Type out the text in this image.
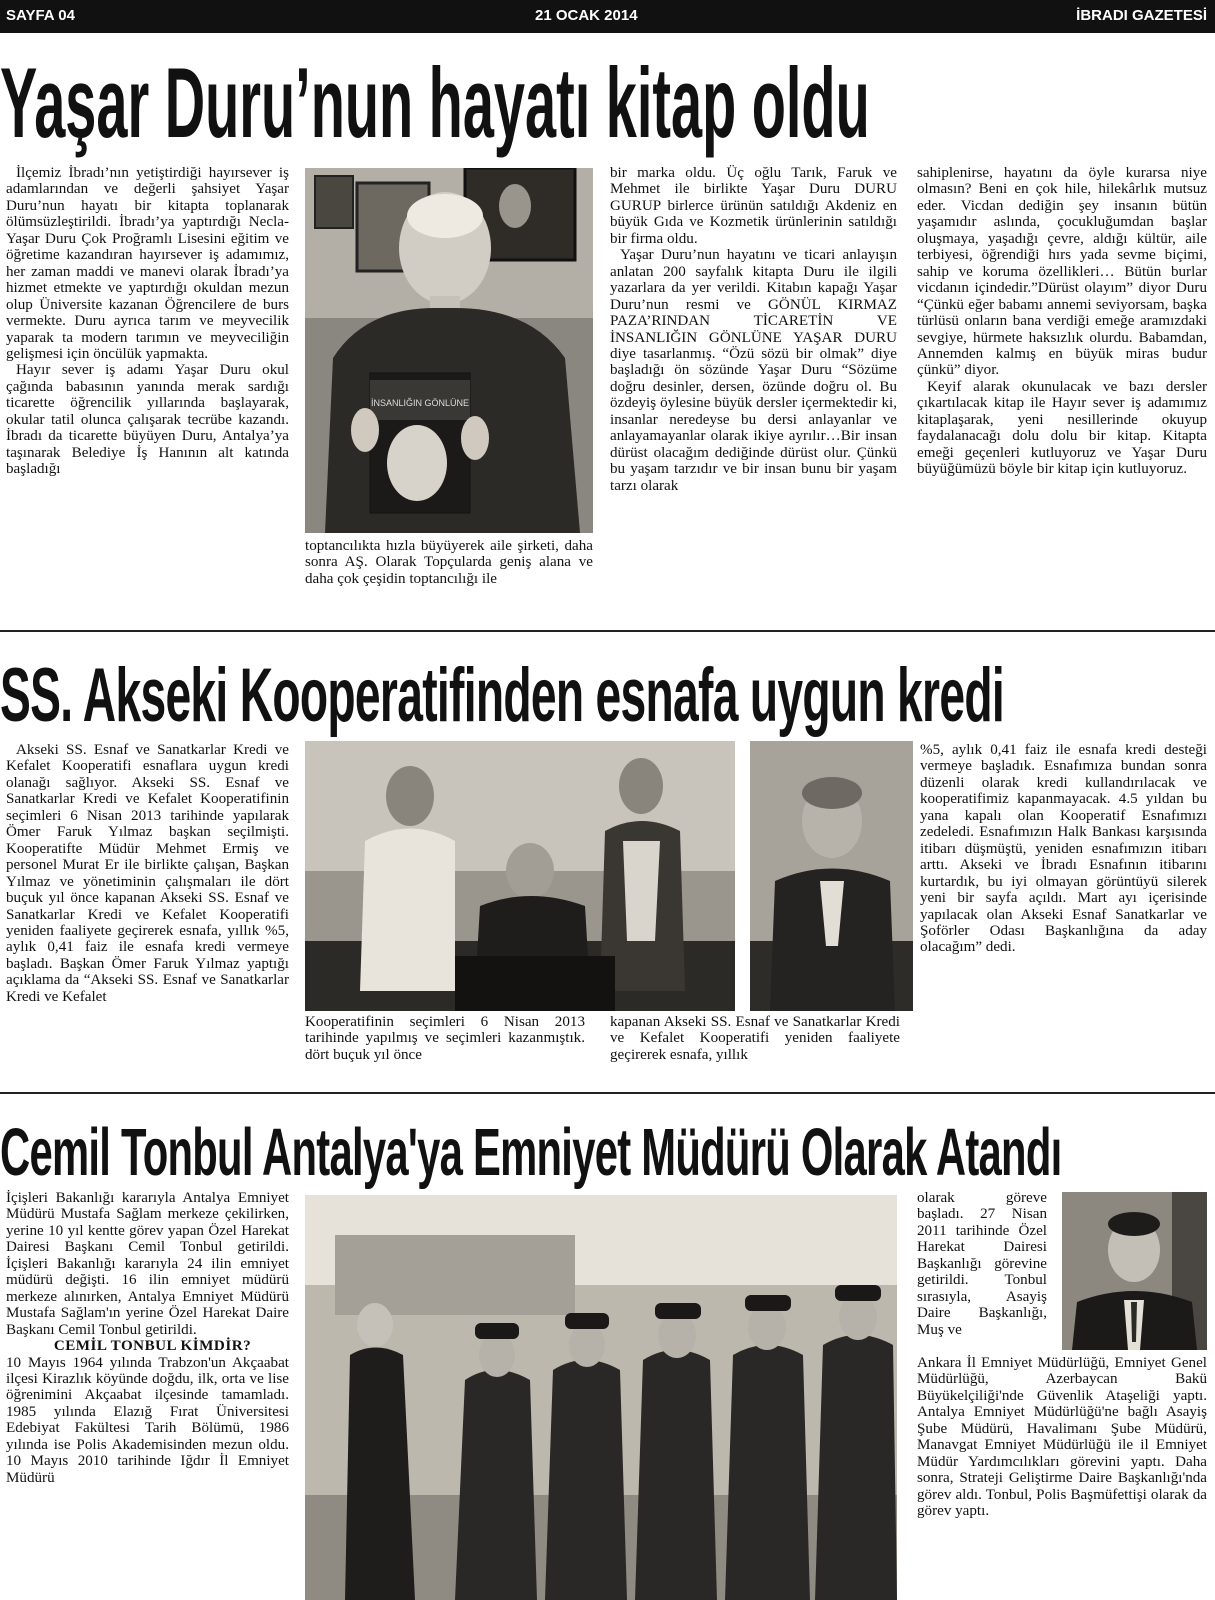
SAYFA 04	21 OCAK 2014	İBRADI GAZETESİ
Yaşar Duru’nun hayatı kitap oldu

İlçemiz İbradı’nın yetiştirdiği hayırsever iş adamlarından ve değerli şahsiyet Yaşar Duru’nun hayatı bir kitapta toplanarak ölümsüzleştirildi. İbradı’ya yaptırdığı Necla- Yaşar Duru Çok Proğramlı Lisesini eğitim ve öğretime kazandıran hayırsever iş adamımız, her zaman maddi ve manevi olarak İbradı’ya hizmet etmekte ve yaptırdığı okuldan mezun olup Üniversite kazanan Öğrencilere de burs vermekte. Duru ayrıca tarım ve meyvecilik yaparak ta modern tarımın ve meyveciliğin gelişmesi için öncülük yapmakta.

Hayır sever iş adamı Yaşar Duru okul çağında babasının yanında merak sardığı ticarette öğrencilik yıllarında başlayarak, okular tatil olunca çalışarak tecrübe kazandı. İbradı da ticarette büyüyen Duru, Antalya’ya taşınarak Belediye İş Hanının alt katında başladığı

İNSANLIĞIN GÖNLÜNE

toptancılıkta hızla büyüyerek aile şirketi, daha sonra AŞ. Olarak Topçularda geniş alana ve daha çok çeşidin toptancılığı ile

bir marka oldu. Üç oğlu Tarık, Faruk ve Mehmet ile birlikte Yaşar Duru DURU GURUP birlerce ürünün satıldığı Akdeniz en büyük Gıda ve Kozmetik ürünlerinin satıldığı bir firma oldu.

Yaşar Duru’nun hayatını ve ticari anlayışın anlatan 200 sayfalık kitapta Duru ile ilgili yazarlara da yer verildi. Kitabın kapağı Yaşar Duru’nun resmi ve GÖNÜL KIRMAZ PAZA’RINDAN TİCARETİN VE İNSANLIĞIN GÖNLÜNE YAŞAR DURU diye tasarlanmış. “Özü sözü bir olmak” diye başladığı ön sözünde Yaşar Duru “Sözüme doğru desinler, dersen, özünde doğru ol. Bu özdeyiş öylesine büyük dersler içermektedir ki, insanlar neredeyse bu dersi anlayanlar ve anlayamayanlar olarak ikiye ayrılır…Bir insan dürüst olacağım dediğinde dürüst olur. Çünkü bu yaşam tarzıdır ve bir insan bunu bir yaşam tarzı olarak

sahiplenirse, hayatını da öyle kurarsa niye olmasın? Beni en çok hile, hilekârlık mutsuz eder. Vicdan dediğin şey insanın bütün yaşamıdır aslında, çocukluğumdan başlar oluşmaya, yaşadığı çevre, aldığı kültür, aile terbiyesi, öğrendiği hırs yada sevme biçimi, sahip ve koruma özellikleri… Bütün burlar vicdanın içindedir.”Dürüst olayım” diyor Duru “Çünkü eğer babamı annemi seviyorsam, başka türlüsü onların bana verdiği emeğe aramızdaki sevgiye, hürmete haksızlık olurdu. Babamdan, Annemden kalmış en büyük miras budur çünkü” diyor.

Keyif alarak okunulacak ve bazı dersler çıkartılacak kitap ile Hayır sever iş adamımız kitaplaşarak, yeni nesillerinde okuyup faydalanacağı dolu dolu bir kitap. Kitapta emeği geçenleri kutluyoruz ve Yaşar Duru büyüğümüzü böyle bir kitap için kutluyoruz.

SS. Akseki Kooperatifinden esnafa uygun kredi

Akseki SS. Esnaf ve Sanatkarlar Kredi ve Kefalet Kooperatifi esnaflara uygun kredi olanağı sağlıyor. Akseki SS. Esnaf ve Sanatkarlar Kredi ve Kefalet Kooperatifinin seçimleri 6 Nisan 2013 tarihinde yapılarak Ömer Faruk Yılmaz başkan seçilmişti. Kooperatifte Müdür Mehmet Ermiş ve personel Murat Er ile birlikte çalışan, Başkan Yılmaz ve yönetiminin çalışmaları ile dört buçuk yıl önce kapanan Akseki SS. Esnaf ve Sanatkarlar Kredi ve Kefalet Kooperatifi yeniden faaliyete geçirerek esnafa, yıllık %5, aylık 0,41 faiz ile esnafa kredi vermeye başladı. Başkan Ömer Faruk Yılmaz yaptığı açıklama da “Akseki SS. Esnaf ve Sanatkarlar Kredi ve Kefalet

Kooperatifinin seçimleri 6 Nisan 2013 tarihinde yapılmış ve seçimleri kazanmıştık. dört buçuk yıl önce

kapanan Akseki SS. Esnaf ve Sanatkarlar Kredi ve Kefalet Kooperatifi yeniden faaliyete geçirerek esnafa, yıllık

%5, aylık 0,41 faiz ile esnafa kredi desteği vermeye başladık. Esnafımıza bundan sonra düzenli olarak kredi kullandırılacak ve kooperatifimiz kapanmayacak. 4.5 yıldan bu yana kapalı olan Kooperatif Esnafımızı zedeledi. Esnafımızın Halk Bankası karşısında itibarı düşmüştü, yeniden esnafımızın itibarı arttı. Akseki ve İbradı Esnafının itibarını kurtardık, bu iyi olmayan görüntüyü silerek yeni bir sayfa açıldı. Mart ayı içerisinde yapılacak olan Akseki Esnaf Sanatkarlar ve Şoförler Odası Başkanlığına da aday olacağım” dedi.

Cemil Tonbul Antalya'ya Emniyet Müdürü Olarak Atandı

İçişleri Bakanlığı kararıyla Antalya Emniyet Müdürü Mustafa Sağlam merkeze çekilirken, yerine 10 yıl kentte görev yapan Özel Harekat Dairesi Başkanı Cemil Tonbul getirildi. İçişleri Bakanlığı kararıyla 24 ilin emniyet müdürü değişti. 16 ilin emniyet müdürü merkeze alınırken, Antalya Emniyet Müdürü Mustafa Sağlam'ın yerine Özel Harekat Daire Başkanı Cemil Tonbul getirildi.

CEMİL TONBUL KİMDİR?

10 Mayıs 1964 yılında Trabzon'un Akçaabat ilçesi Kirazlık köyünde doğdu, ilk, orta ve lise öğrenimini Akçaabat ilçesinde tamamladı. 1985 yılında Elazığ Fırat Üniversitesi Edebiyat Fakültesi Tarih Bölümü, 1986 yılında ise Polis Akademisinden mezun oldu. 10 Mayıs 2010 tarihinde Iğdır İl Emniyet Müdürü

olarak göreve başladı. 27 Nisan 2011 tarihinde Özel Harekat Dairesi Başkanlığı görevine getirildi. Tonbul sırasıyla, Asayiş Daire Başkanlığı, Muş ve

Ankara İl Emniyet Müdürlüğü, Emniyet Genel Müdürlüğü, Azerbaycan Bakü Büyükelçiliği'nde Güvenlik Ataşeliği yaptı. Antalya Emniyet Müdürlüğü'ne bağlı Asayiş Şube Müdürü, Havalimanı Şube Müdürü, Manavgat Emniyet Müdürlüğü ile il Emniyet Müdür Yardımcılıkları görevini yaptı. Daha sonra, Strateji Geliştirme Daire Başkanlığı'nda görev aldı. Tonbul, Polis Başmüfettişi olarak da görev yaptı.
